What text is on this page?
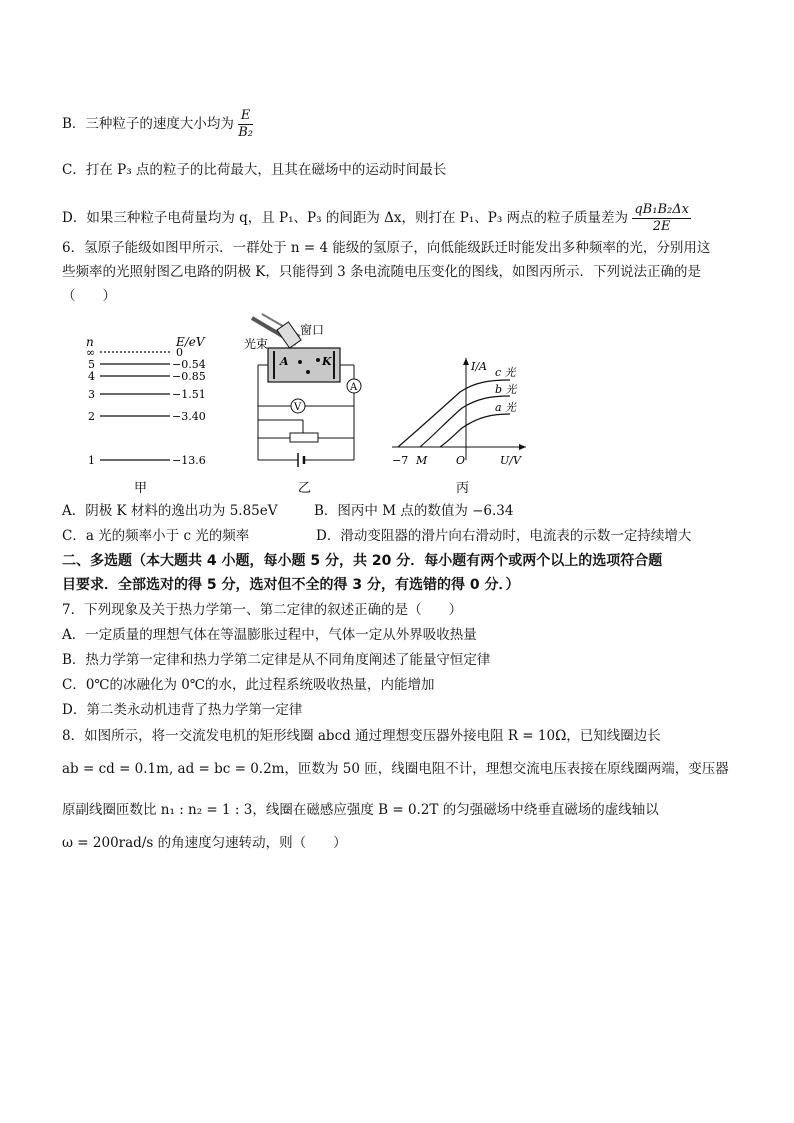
B．三种粒子的速度大小均为 $\frac{E}{\text{B₂}}$
C．打在 P₃ 点的粒子的比荷最大，且其在磁场中的运动时间最长
D．如果三种粒子电荷量均为 q，且 P₁、P₃ 的间距为 Δx，则打在 P₁、P₃ 两点的粒子质量差为 $\frac{\text{qB₁B₂Δx}}{2E}$
6．氢原子能级如图甲所示．一群处于 n = 4 能级的氢原子，向低能级跃迁时能发出多种频率的光，分别用这
些频率的光照射图乙电路的阴极 K，只能得到 3 条电流随电压变化的图线，如图丙所示．下列说法正确的是
（　　）
n	E/eV
∞	0
5	−0.54
4	−0.85
3	−1.51
2	−3.40
1	−13.6
甲
光束
窗口
A	K
A
V
乙
I/A
U/V
O
−7 M
c 光
b 光
a 光
丙
A．阴极 K 材料的逸出功为 5.85eV	B．图丙中 M 点的数值为 −6.34
C．a 光的频率小于 c 光的频率	D．滑动变阻器的滑片向右滑动时，电流表的示数一定持续增大
二、多选题（本大题共 4 小题，每小题 5 分，共 20 分．每小题有两个或两个以上的选项符合题
目要求．全部选对的得 5 分，选对但不全的得 3 分，有选错的得 0 分．）
7．下列现象及关于热力学第一、第二定律的叙述正确的是（　　）
A．一定质量的理想气体在等温膨胀过程中，气体一定从外界吸收热量
B．热力学第一定律和热力学第二定律是从不同角度阐述了能量守恒定律
C．0℃的冰融化为 0℃的水，此过程系统吸收热量，内能增加
D．第二类永动机违背了热力学第一定律
8．如图所示，将一交流发电机的矩形线圈 abcd 通过理想变压器外接电阻 R = 10Ω，已知线圈边长
ab = cd = 0.1m, ad = bc = 0.2m，匝数为 50 匝，线圈电阻不计，理想交流电压表接在原线圈两端，变压器
原副线圈匝数比 n₁ : n₂ = 1 : 3，线圈在磁感应强度 B = 0.2T 的匀强磁场中绕垂直磁场的虚线轴以
ω = 200rad/s 的角速度匀速转动，则（　　）
